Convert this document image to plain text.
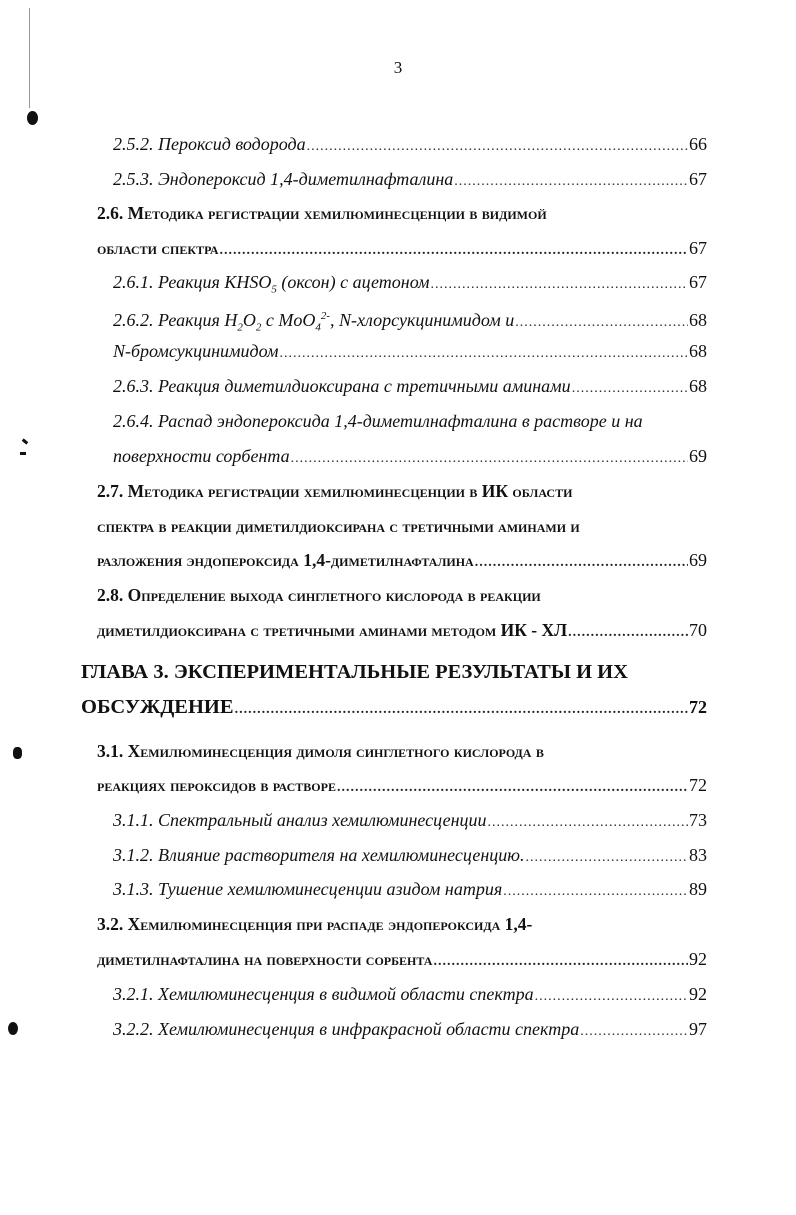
3
2.5.2. Пероксид водорода .....	66
2.5.3. Эндопероксид 1,4-диметилнафталина .....	67
2.6. Методика регистрации хемилюминесценции в видимой
области спектра .....	67
2.6.1. Реакция $KHSO_5$ (оксон) с ацетоном .....	67
2.6.2. Реакция $H_2O_2$ с MoO$_4^{2-}$, N-хлорсукцинимидом и .....	68
N-бромсукцинимидом .....	68
2.6.3. Реакция диметилдиоксирана с третичными аминами .....	68
2.6.4. Распад эндопероксида 1,4-диметилнафталина в растворе и на
поверхности сорбента .....	69
2.7. Методика регистрации хемилюминесценции в ИК области
спектра в реакции диметилдиоксирана с третичными аминами и
разложения эндопероксида 1,4-диметилнафталина .....	69
2.8. Определение выхода синглетного кислорода в реакции
диметилдиоксирана с третичными аминами методом ИК - ХЛ .....	70
ГЛАВА 3. ЭКСПЕРИМЕНТАЛЬНЫЕ РЕЗУЛЬТАТЫ И ИХ
ОБСУЖДЕНИЕ .....	72
3.1. Хемилюминесценция димоля синглетного кислорода в
реакциях пероксидов в растворе .....	72
3.1.1. Спектральный анализ хемилюминесценции .....	73
3.1.2. Влияние растворителя на хемилюминесценцию. .....	83
3.1.3. Тушение хемилюминесценции азидом натрия .....	89
3.2. Хемилюминесценция при распаде эндопероксида 1,4-
диметилнафталина на поверхности сорбента .....	92
3.2.1. Хемилюминесценция в видимой области спектра .....	92
3.2.2. Хемилюминесценция в инфракрасной области спектра .....	97
